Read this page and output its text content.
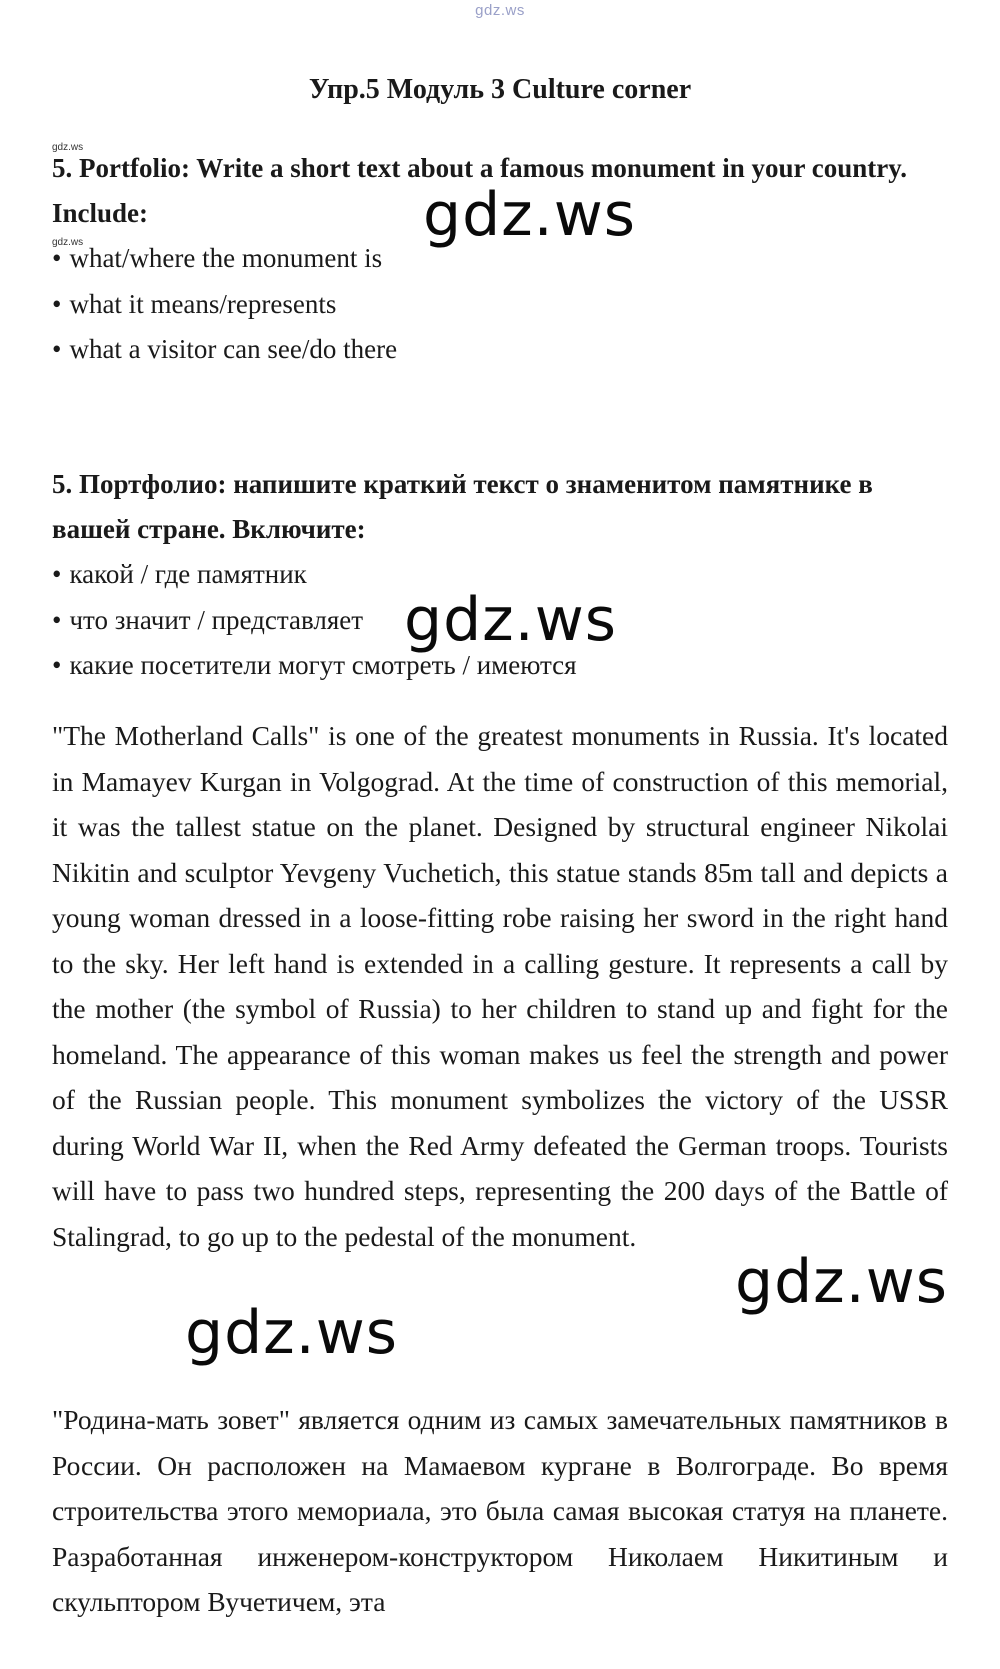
gdz.ws
Упр.5 Модуль 3 Culture corner
gdz.ws
5. Portfolio: Write a short text about a famous monument in your country. Include:
gdz.ws
• what/where the monument is
• what it means/represents
• what a visitor can see/do there
5. Портфолио: напишите краткий текст о знаменитом памятнике в вашей стране. Включите:
• какой / где памятник
• что значит / представляет
• какие посетители могут смотреть / имеются

"The Motherland Calls" is one of the greatest monuments in Russia. It's located in Mamayev Kurgan in Volgograd. At the time of construction of this memorial, it was the tallest statue on the planet. Designed by structural engineer Nikolai Nikitin and sculptor Yevgeny Vuchetich, this statue stands 85m tall and depicts a young woman dressed in a loose-fitting robe raising her sword in the right hand to the sky. Her left hand is extended in a calling gesture. It represents a call by the mother (the symbol of Russia) to her children to stand up and fight for the homeland. The appearance of this woman makes us feel the strength and power of the Russian people. This monument symbolizes the victory of the USSR during World War II, when the Red Army defeated the German troops. Tourists will have to pass two hundred steps, representing the 200 days of the Battle of Stalingrad, to go up to the pedestal of the monument.

"Родина-мать зовет" является одним из самых замечательных памятников в России. Он расположен на Мамаевом кургане в Волгограде. Во время строительства этого мемориала, это была самая высокая статуя на планете. Разработанная инженером-конструктором Николаем Никитиным и скульптором Вучетичем, эта

gdz.ws
gdz.ws
gdz.ws
gdz.ws
